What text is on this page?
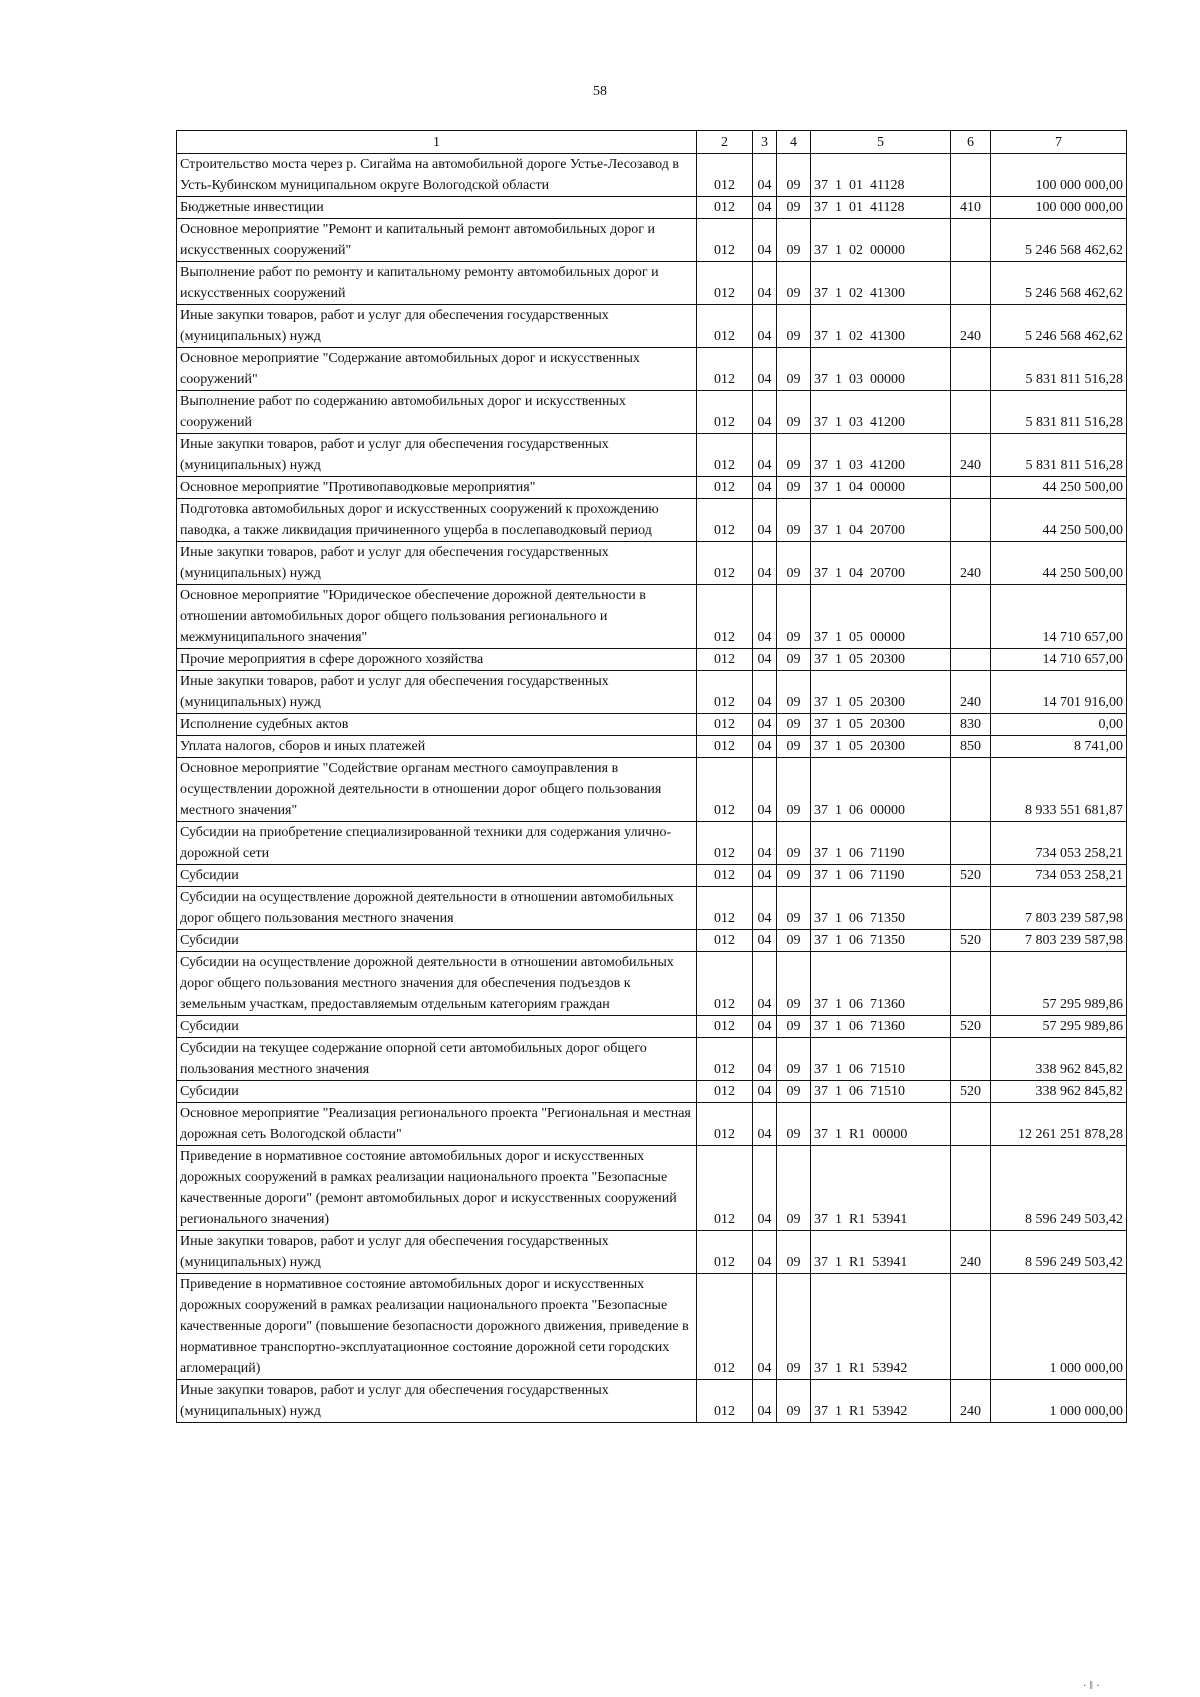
58
1	2	3	4	5	6	7
Строительство моста через р. Сигайма на автомобильной дороге Устье-Лесозавод в Усть-Кубинском муниципальном округе Вологодской области	012	04	09	37  1  01  41128		100 000 000,00
Бюджетные инвестиции	012	04	09	37  1  01  41128	410	100 000 000,00
Основное мероприятие "Ремонт и капитальный ремонт автомобильных дорог и искусственных сооружений"	012	04	09	37  1  02  00000		5 246 568 462,62
Выполнение работ по ремонту и капитальному ремонту автомобильных дорог и искусственных сооружений	012	04	09	37  1  02  41300		5 246 568 462,62
Иные закупки товаров, работ и услуг для обеспечения государственных (муниципальных) нужд	012	04	09	37  1  02  41300	240	5 246 568 462,62
Основное мероприятие "Содержание автомобильных дорог и искусственных сооружений"	012	04	09	37  1  03  00000		5 831 811 516,28
Выполнение работ по содержанию автомобильных дорог и искусственных сооружений	012	04	09	37  1  03  41200		5 831 811 516,28
Иные закупки товаров, работ и услуг для обеспечения государственных (муниципальных) нужд	012	04	09	37  1  03  41200	240	5 831 811 516,28
Основное мероприятие "Противопаводковые мероприятия"	012	04	09	37  1  04  00000		44 250 500,00
Подготовка автомобильных дорог и искусственных сооружений к прохождению паводка, а также ликвидация причиненного ущерба в послепаводковый период	012	04	09	37  1  04  20700		44 250 500,00
Иные закупки товаров, работ и услуг для обеспечения государственных (муниципальных) нужд	012	04	09	37  1  04  20700	240	44 250 500,00
Основное мероприятие "Юридическое обеспечение дорожной деятельности в отношении автомобильных дорог общего пользования регионального и межмуниципального значения"	012	04	09	37  1  05  00000		14 710 657,00
Прочие мероприятия в сфере дорожного хозяйства	012	04	09	37  1  05  20300		14 710 657,00
Иные закупки товаров, работ и услуг для обеспечения государственных (муниципальных) нужд	012	04	09	37  1  05  20300	240	14 701 916,00
Исполнение судебных актов	012	04	09	37  1  05  20300	830	0,00
Уплата налогов, сборов и иных платежей	012	04	09	37  1  05  20300	850	8 741,00
Основное мероприятие "Содействие органам местного самоуправления в осуществлении дорожной деятельности в отношении дорог общего пользования местного значения"	012	04	09	37  1  06  00000		8 933 551 681,87
Субсидии на приобретение специализированной техники для содержания улично-дорожной сети	012	04	09	37  1  06  71190		734 053 258,21
Субсидии	012	04	09	37  1  06  71190	520	734 053 258,21
Субсидии на осуществление дорожной деятельности в отношении автомобильных дорог общего пользования местного значения	012	04	09	37  1  06  71350		7 803 239 587,98
Субсидии	012	04	09	37  1  06  71350	520	7 803 239 587,98
Субсидии на осуществление дорожной деятельности в отношении автомобильных дорог общего пользования местного значения для обеспечения подъездов к земельным участкам, предоставляемым отдельным категориям граждан	012	04	09	37  1  06  71360		57 295 989,86
Субсидии	012	04	09	37  1  06  71360	520	57 295 989,86
Субсидии на текущее содержание опорной сети автомобильных дорог общего пользования местного значения	012	04	09	37  1  06  71510		338 962 845,82
Субсидии	012	04	09	37  1  06  71510	520	338 962 845,82
Основное мероприятие "Реализация регионального проекта "Региональная и местная дорожная сеть Вологодской области"	012	04	09	37  1  R1  00000		12 261 251 878,28
Приведение в нормативное состояние автомобильных дорог и искусственных дорожных сооружений в рамках реализации национального проекта "Безопасные качественные дороги" (ремонт автомобильных дорог и искусственных сооружений регионального значения)	012	04	09	37  1  R1  53941		8 596 249 503,42
Иные закупки товаров, работ и услуг для обеспечения государственных (муниципальных) нужд	012	04	09	37  1  R1  53941	240	8 596 249 503,42
Приведение в нормативное состояние автомобильных дорог и искусственных дорожных сооружений в рамках реализации национального проекта "Безопасные качественные дороги" (повышение безопасности дорожного движения, приведение в нормативное транспортно-эксплуатационное состояние дорожной сети городских агломераций)	012	04	09	37  1  R1  53942		1 000 000,00
Иные закупки товаров, работ и услуг для обеспечения государственных (муниципальных) нужд	012	04	09	37  1  R1  53942	240	1 000 000,00
· ‖ ·
